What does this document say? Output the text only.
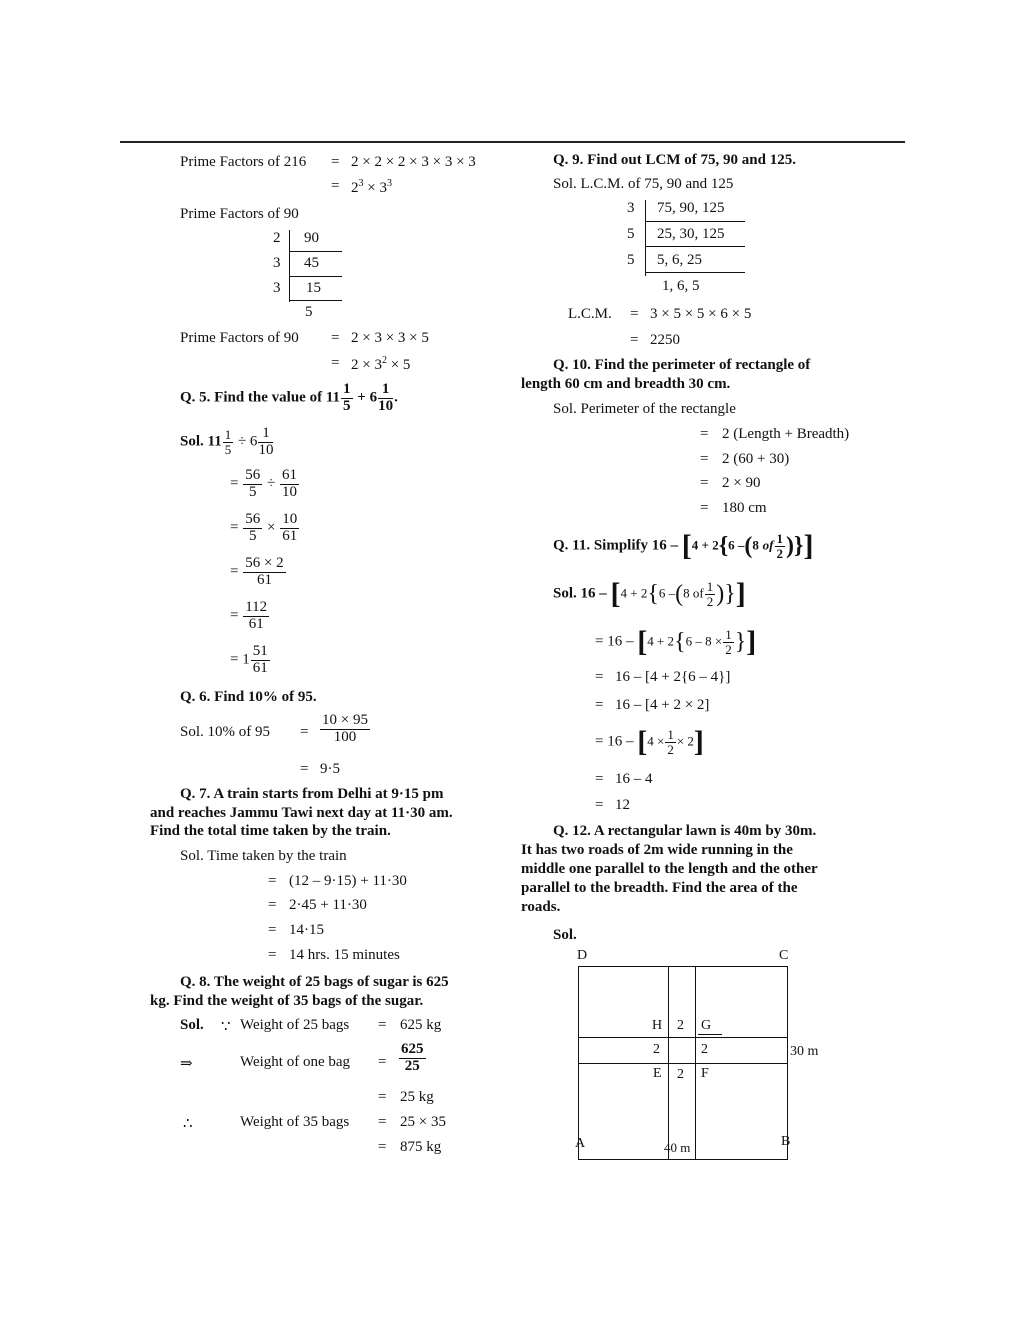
Prime Factors of 216 = 2 × 2 × 2 × 3 × 3 × 3
= $2^3 \times 3^3$
Prime Factors of 90
2 90
3 45
3 15
5
Prime Factors of 90 = 2 × 3 × 3 × 5
= $2 \times 3^2 \times 5$
Q. 5. Find the value of $11 \frac{1}{5} + 6 \frac{1}{10}$ .
Sol. $11 \frac{1}{5} \div 6 \frac{1}{10}$
= $\frac{56}{5} \div \frac{61}{10}$
= $\frac{56}{5} \times \frac{10}{61}$
= $\frac{56 \times 2}{61}$
= $\frac{112}{61}$
= $1 \frac{51}{61}$
Q. 6. Find 10% of 95.
Sol. 10% of $95 = \frac{10 \times 95}{100}$
= 9·5
Q. 7. A train starts from Delhi at 9·15 pm
and reaches Jammu Tawi next day at 11·30 am.
Find the total time taken by the train.
Sol. Time taken by the train
= (12 – 9·15) + 11·30
= 2·45 + 11·30
= 14·15
= 14 hrs. 15 minutes
Q. 8. The weight of 25 bags of sugar is 625
kg. Find the weight of 35 bags of the sugar.
Sol. ∵ Weight of 25 bags = 625 kg
⇒	Weight of one bag = $\frac{625}{25}$
= 25 kg
∴	Weight of 35 bags = 25 × 35
= 875 kg
Q. 9. Find out LCM of 75, 90 and 125.
Sol. L.C.M. of 75, 90 and 125
3 75, 90, 125
5 25, 30, 125
5 5, 6, 25
1, 6, 5
L.C.M. = 3 × 5 × 5 × 6 × 5
= 2250
Q. 10. Find the perimeter of rectangle of
length 60 cm and breadth 30 cm.
Sol. Perimeter of the rectangle
= 2 (Length + Breadth)
= 2 (60 + 30)
= 2 × 90
= 180 cm
Q. 11. Simplify 16 – [4 + 2{6 –(8 of $\frac{1}{2}$ )}]
Sol. 16 – [4 + 2{6 –(8 of $\frac{1}{2}$ )}]
= $16 - [4 + 2\{6 - 8 \times \frac{1}{2}$ }]
= 16 – [4 + 2{6 – 4}]
= 16 – [4 + 2 × 2]
= $16 - [4 \times \frac{1}{2} \times 2]$
= 16 – 4
= 12
Q. 12. A rectangular lawn is 40m by 30m.
It has two roads of 2m wide running in the
middle one parallel to the length and the other
parallel to the breadth. Find the area of the
roads.
Sol.
D	C
A	B
H 2 G
2	2
E 2 F
30 m
40 m
